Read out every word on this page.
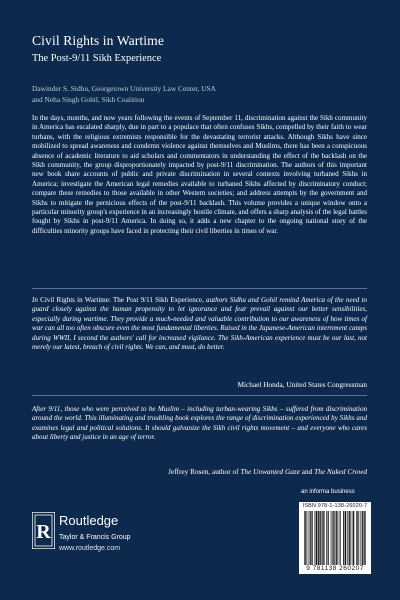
Civil Rights in Wartime
The Post-9/11 Sikh Experience
Dawinder S. Sidhu, Georgetown University Law Center, USA
and Neha Singh Gohil, Sikh Coalition

In the days, months, and now years following the events of September 11, discrimination against the Sikh community in America has escalated sharply, due in part to a populace that often confuses Sikhs, compelled by their faith to wear turbans, with the religious extremists responsible for the devastating terrorist attacks. Although Sikhs have since mobilized to spread awareness and condemn violence against themselves and Muslims, there has been a conspicuous absence of academic literature to aid scholars and commentators in understanding the effect of the backlash on the Sikh community, the group disproportionately impacted by post-9/11 discrimination. The authors of this important new book share accounts of public and private discrimination in several contexts involving turbaned Sikhs in America; investigate the American legal remedies available to turbaned Sikhs affected by discriminatory conduct; compare these remedies to those available in other Western societies; and address attempts by the government and Sikhs to mitigate the pernicious effects of the post-9/11 backlash. This volume provides a unique window onto a particular minority group's experience in an increasingly hostile climate, and offers a sharp analysis of the legal battles fought by Sikhs in post-9/11 America. In doing so, it adds a new chapter to the ongoing national story of the difficulties minority groups have faced in protecting their civil liberties in times of war.

In Civil Rights in Wartime: The Post 9/11 Sikh Experience, authors Sidhu and Gohil remind America of the need to guard closely against the human propensity to let ignorance and fear prevail against our better sensibilities, especially during wartime. They provide a much-needed and valuable contribution to our awareness of how times of war can all too often obscure even the most fundamental liberties. Raised in the Japanese-American internment camps during WWII, I second the authors' call for increased vigilance. The Sikh-American experience must be our last, not merely our latest, breach of civil rights. We can, and must, do better.

Michael Honda, United States Congressman

After 9/11, those who were perceived to be Muslim – including turban-wearing Sikhs – suffered from discrimination around the world. This illuminating and troubling book explores the range of discrimination experienced by Sikhs and examines legal and political solutions. It should galvanize the Sikh civil rights movement – and everyone who cares about liberty and justice in an age of terror.

Jeffrey Rosen, author of The Unwanted Gaze and The Naked Crowd
R
Routledge
Taylor & Francis Group
www.routledge.com
an informa business
ISBN 978-1-138-26020-7
9 781138 260207
